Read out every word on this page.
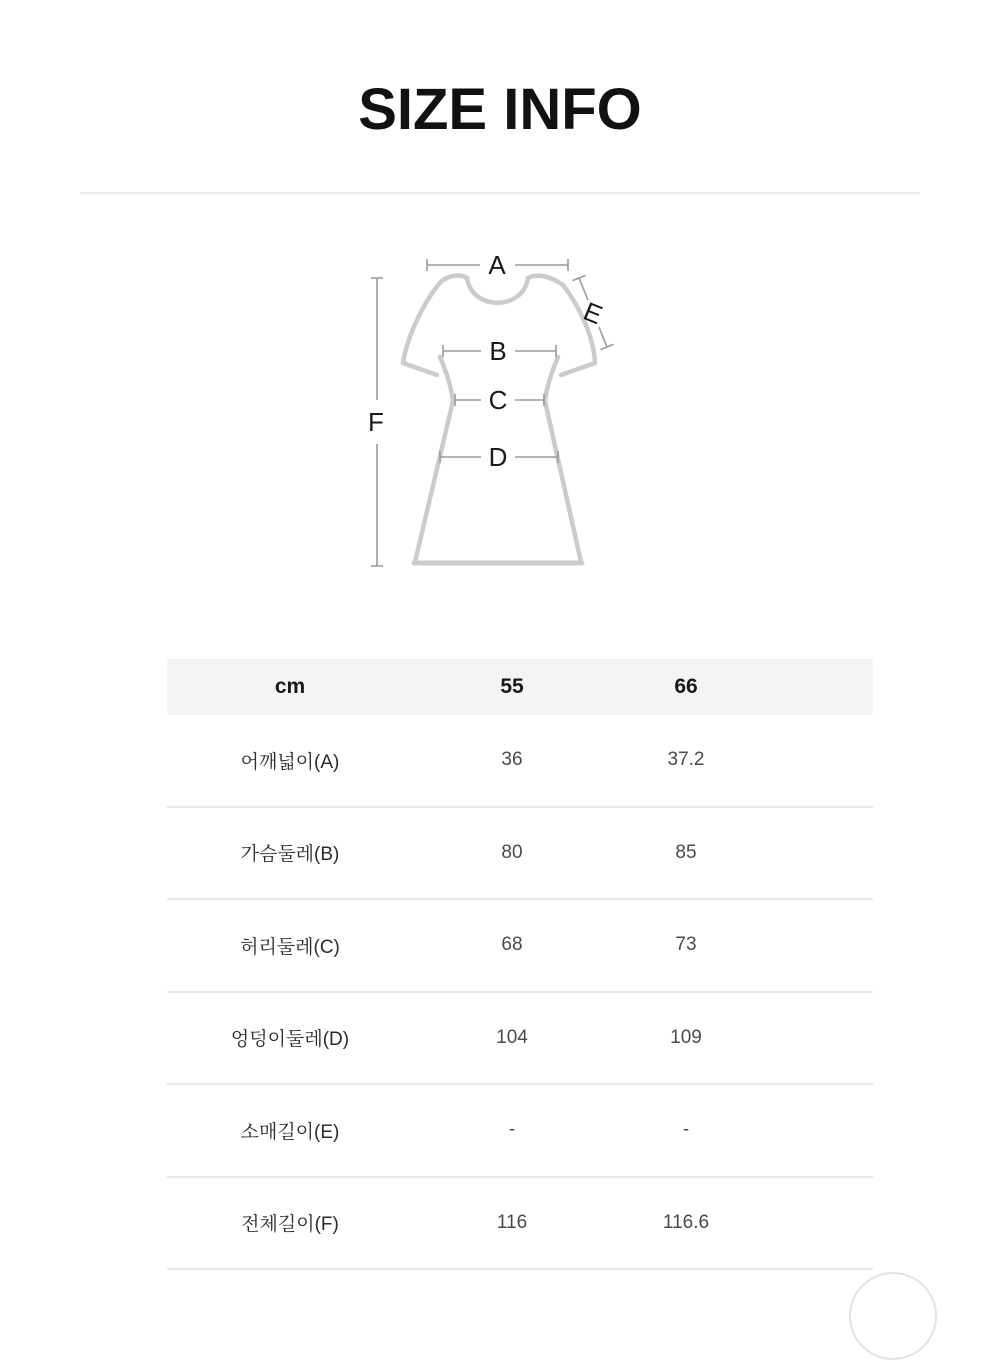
SIZE INFO
A
B
C
D
E
F
cm	55	66
어깨넓이(A)	36	37.2
가슴둘레(B)	80	85
허리둘레(C)	68	73
엉덩이둘레(D)	104	109
소매길이(E)	-	-
전체길이(F)	116	116.6
